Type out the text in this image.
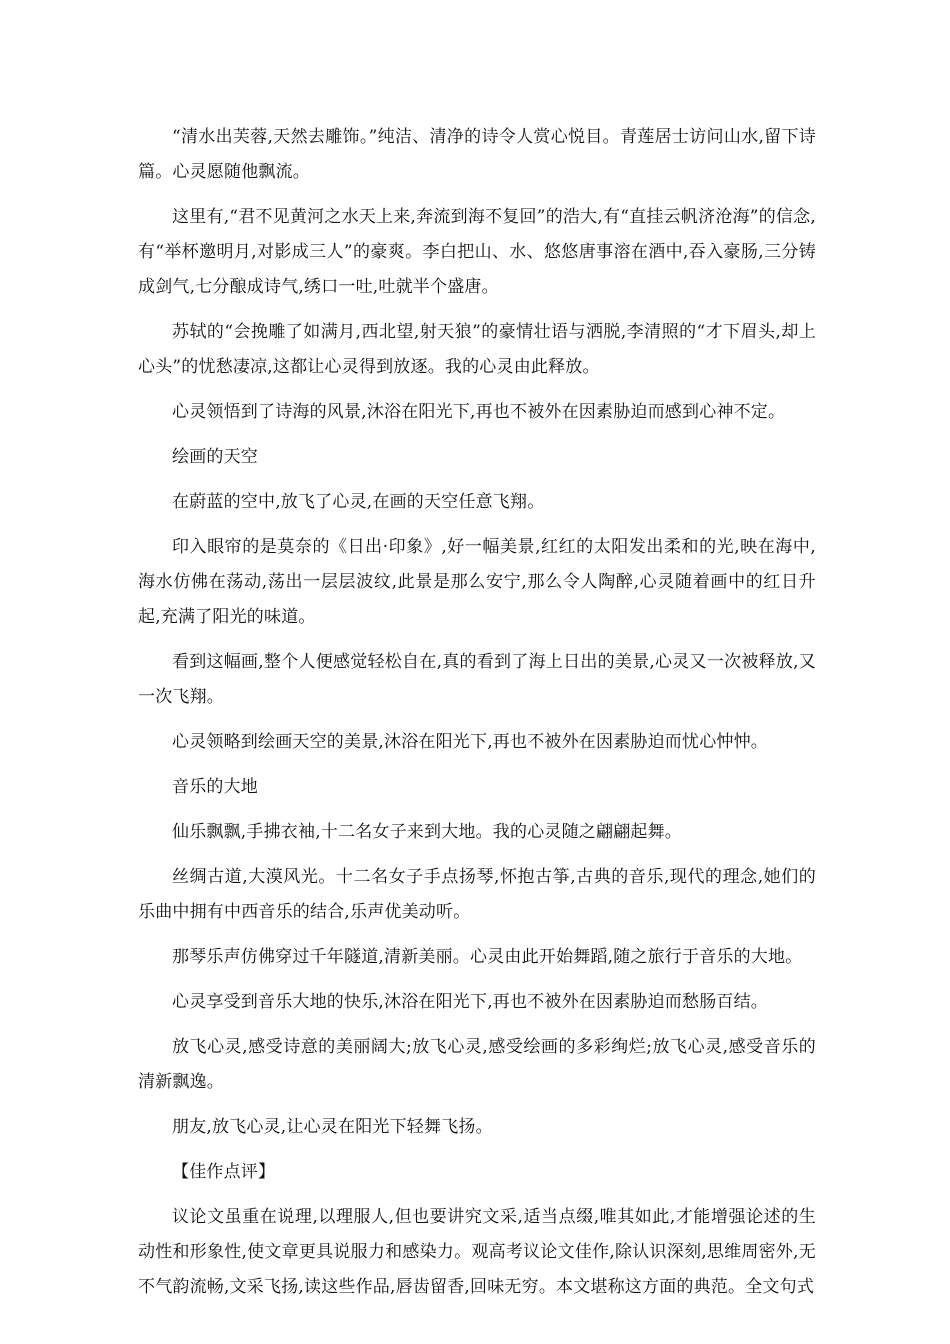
“清水出芙蓉,天然去雕饰。”纯洁、清净的诗令人赏心悦目。青莲居士访问山水,留下诗篇。心灵愿随他飘流。

这里有,“君不见黄河之水天上来,奔流到海不复回”的浩大,有“直挂云帆济沧海”的信念,有“举杯邀明月,对影成三人”的豪爽。李白把山、水、悠悠唐事溶在酒中,吞入豪肠,三分铸成剑气,七分酿成诗气,绣口一吐,吐就半个盛唐。

苏轼的“会挽雕了如满月,西北望,射天狼”的豪情壮语与洒脱,李清照的“才下眉头,却上心头”的忧愁凄凉,这都让心灵得到放逐。我的心灵由此释放。

心灵领悟到了诗海的风景,沐浴在阳光下,再也不被外在因素胁迫而感到心神不定。

绘画的天空

在蔚蓝的空中,放飞了心灵,在画的天空任意飞翔。

印入眼帘的是莫奈的《日出·印象》,好一幅美景,红红的太阳发出柔和的光,映在海中,海水仿佛在荡动,荡出一层层波纹,此景是那么安宁,那么令人陶醉,心灵随着画中的红日升起,充满了阳光的味道。

看到这幅画,整个人便感觉轻松自在,真的看到了海上日出的美景,心灵又一次被释放,又一次飞翔。

心灵领略到绘画天空的美景,沐浴在阳光下,再也不被外在因素胁迫而忧心忡忡。

音乐的大地

仙乐飘飘,手拂衣袖,十二名女子来到大地。我的心灵随之翩翩起舞。

丝绸古道,大漠风光。十二名女子手点扬琴,怀抱古筝,古典的音乐,现代的理念,她们的乐曲中拥有中西音乐的结合,乐声优美动听。

那琴乐声仿佛穿过千年隧道,清新美丽。心灵由此开始舞蹈,随之旅行于音乐的大地。

心灵享受到音乐大地的快乐,沐浴在阳光下,再也不被外在因素胁迫而愁肠百结。

放飞心灵,感受诗意的美丽阔大;放飞心灵,感受绘画的多彩绚烂;放飞心灵,感受音乐的清新飘逸。

朋友,放飞心灵,让心灵在阳光下轻舞飞扬。

【佳作点评】

议论文虽重在说理,以理服人,但也要讲究文采,适当点缀,唯其如此,才能增强论述的生动性和形象性,使文章更具说服力和感染力。观高考议论文佳作,除认识深刻,思维周密外,无不气韵流畅,文采飞扬,读这些作品,唇齿留香,回味无穷。本文堪称这方面的典范。全文句式
